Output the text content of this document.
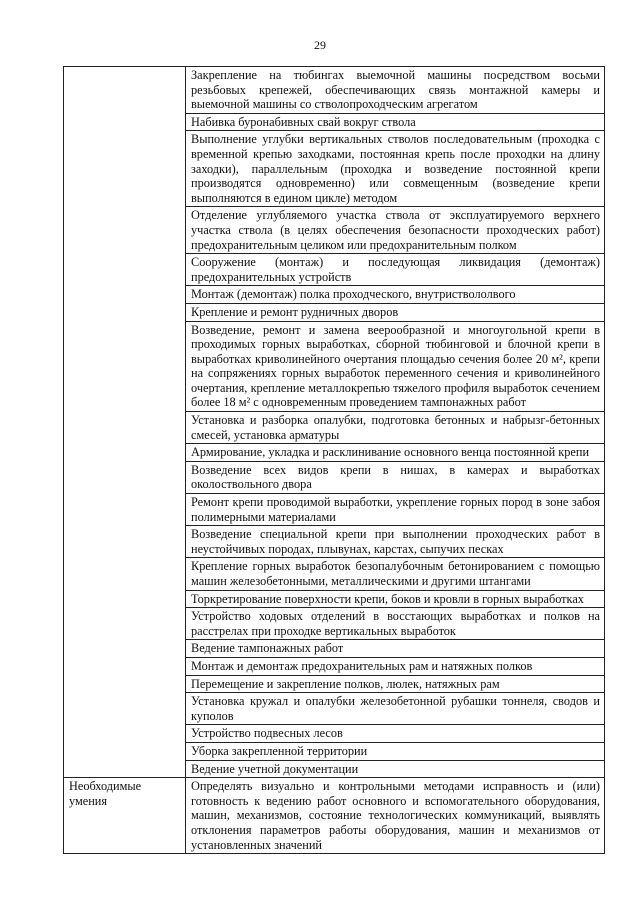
29

	Закрепление на тюбингах выемочной машины посредством восьми резьбовых крепежей, обеспечивающих связь монтажной камеры и выемочной машины со стволопроходческим агрегатом

	Набивка буронабивных свай вокруг ствола

	Выполнение углубки вертикальных стволов последовательным (проходка с временной крепью заходками, постоянная крепь после проходки на длину заходки), параллельным (проходка и возведение постоянной крепи производятся одновременно) или совмещенным (возведение крепи выполняются в едином цикле) методом

	Отделение углубляемого участка ствола от эксплуатируемого верхнего участка ствола (в целях обеспечения безопасности проходческих работ) предохранительным целиком или предохранительным полком

	Сооружение (монтаж) и последующая ликвидация (демонтаж) предохранительных устройств

	Монтаж (демонтаж) полка проходческого, внутриствололвого

	Крепление и ремонт рудничных дворов

	Возведение, ремонт и замена веерообразной и многоугольной крепи в проходимых горных выработках, сборной тюбинговой и блочной крепи в выработках криволинейного очертания площадью сечения более 20 м², крепи на сопряжениях горных выработок переменного сечения и криволинейного очертания, крепление металлокрепью тяжелого профиля выработок сечением более 18 м² с одновременным проведением тампонажных работ

	Установка и разборка опалубки, подготовка бетонных и набрызг-бетонных смесей, установка арматуры

	Армирование, укладка и расклинивание основного венца постоянной крепи

	Возведение всех видов крепи в нишах, в камерах и выработках околоствольного двора

	Ремонт крепи проводимой выработки, укрепление горных пород в зоне забоя полимерными материалами

	Возведение специальной крепи при выполнении проходческих работ в неустойчивых породах, плывунах, карстах, сыпучих песках

	Крепление горных выработок безопалубочным бетонированием с помощью машин железобетонными, металлическими и другими штангами

	Торкретирование поверхности крепи, боков и кровли в горных выработках

	Устройство ходовых отделений в восстающих выработках и полков на расстрелах при проходке вертикальных выработок

	Ведение тампонажных работ

	Монтаж и демонтаж предохранительных рам и натяжных полков

	Перемещение и закрепление полков, люлек, натяжных рам

	Установка кружал и опалубки железобетонной рубашки тоннеля, сводов и куполов

	Устройство подвесных лесов

	Уборка закрепленной территории

	Ведение учетной документации

Необходимые
умения	Определять визуально и контрольными методами исправность и (или) готовность к ведению работ основного и вспомогательного оборудования, машин, механизмов, состояние технологических коммуникаций, выявлять отклонения параметров работы оборудования, машин и механизмов от установленных значений
